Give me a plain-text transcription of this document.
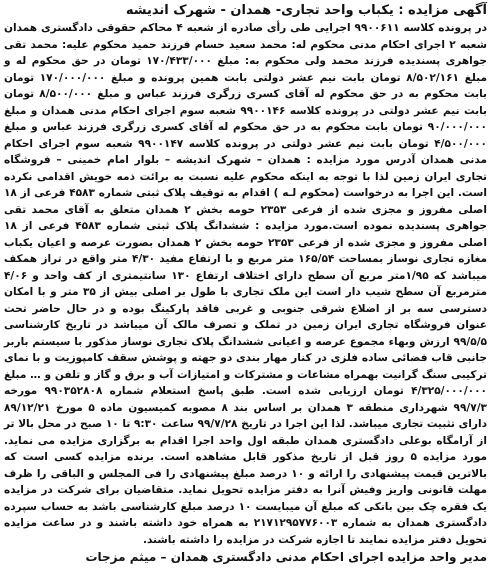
آگهی مزایده : یکباب واحد تجاری- همدان - شهرک اندیشه

در پرونده کلاسه ۹۹۰۰۶۱۱ اجرایی طی رأی صادره از شعبه ۴ محاکم حقوقی دادگستری همدان شعبه ۲ اجرای احکام مدنی محکوم له: محمد سعید حسام فرزند حمید محکوم علیه: محمد تقی جواهری پسندیده فرزند محمد ولی محکوم به: مبلغ ۱۷۰/۴۳۳/۰۰۰ تومان در حق محکوم له و مبلغ ۸/۵۰۲/۱۶۱ تومان بابت نیم عشر دولتی بابت همین پرونده و مبلغ ۱۷۰/۰۰۰/۰۰۰ تومان بابت محکوم به در حق محکوم له آقای کسری زرگری فرزند عباس و مبلغ ۸/۵۰۰/۰۰۰ تومان بابت نیم عشر دولتی در پرونده کلاسه ۹۹۰۰۱۴۶ شعبه سوم اجرای احکام مدنی همدان و مبلغ ۹۰/۰۰۰/۰۰۰ تومان بابت محکوم به در حق محکوم له آقای کسری زرگری فرزند عباس و مبلغ ۴/۵۰۰/۰۰۰ تومان بابت نیم عشر دولتی در پرونده کلاسه ۹۹۰۰۱۴۷ شعبه سوم اجرای احکام مدنی همدان آدرس مورد مزایده : همدان – شهرک اندیشه – بلوار امام خمینی – فروشگاه تجاری ایران زمین لذا با توجه به اینکه محکوم علیه نسبت به برائت ذمه خویش اقدامی نکرده است. این اجرا به درخواست (محکوم لـه ) اقدام به توقیف پلاک ثبتی شماره ۴۵۸۳ فرعی از ۱۸ اصلی مفروز و مجزی شده از فرعی ۲۳۵۳ حومه بخش ۲ همدان متعلق به آقای محمد تقی جواهری پسندیده نموده است.مورد مزایده : ششدانگ پلاک ثبتی شماره ۴۵۸۳ فرعی از ۱۸ اصلی مفروز و مجزی شده از فرعی ۲۳۵۳ حومه بخش ۲ همدان بصورت عرصه و اعیان یکباب مغازه تجاری نوساز بمساحت ۱۶۵/۵۴ متر مربع و با ارتفاع مفید ۴/۳۰ متر واقع در تراز همکف میباشد که ۱/۹۵متر مربع آن سطح دارای اختلاف ارتفاع ۱۳۰ سانتیمتری از کف واحد و ۴/۰۶ مترمربع آن سطح شیب دار است این ملک تجاری با طول بر اصلی بیش از ۳۵ متر و با امکان دسترسی سه بر از اضلاع شرقی جنوبی و غربی فاقد پارکینگ بوده و در حال حاضر تحت عنوان فروشگاه تجاری ایران زمین در تملک و تصرف مالک آن میباشد در تاریخ کارشناسی ۹۹/۵/۵ ارزش وبهاء مجموع عرصه و اعیانی ششدانگ پلاک تجاری نوساز مذکور با سیستم باربر جانبی قاب فضائی ساده فلزی در کنار مهار بندی دو جهته و پوشش سقف کامپوزیت و با نمای ترکیبی سنگ گرانیت بهمراه مشاعات و مشترکات و امتیازات آب و برق و گاز و تلفن و … مبلغ ۴/۳۲۵/۰۰۰/۰۰۰ تومان ارزیابی شده است. طبق پاسخ استعلام شماره ۹۹۰۳۵۲۸۰۸ مورخه ۹۹/۷/۳ شهرداری منطقه ۳ همدان بر اساس بند ۸ مصوبه کمیسیون ماده ۵ مورخ ۸۹/۱۲/۲۱ دارای تثبیت تجاری میباشد. لذا این اجرا در تاریخ ۹۹/۷/۲۸ ساعت ۹:۳۰ تا ۱۰ صبح در محل بالا تر از آرامگاه بوعلی دادگستری همدان طبقه اول واحد اجرا اقدام به برگزاری مزایده می نماید. مورد مزایده ۵ روز قبل از تاریخ مذکور قابل مشاهده است. برنده مزایده کسی است که بالاترین قیمت پیشنهادی را ارائه و ۱۰ درصد مبلغ پیشنهادی را فی المجلس و الباقی را ظرف مهلت قانونی واریز وفیش آنرا به دفتر مزایده تحویل نماید. متقاضیان برای شرکت در مزایده یک فقره چک بین بانکی که مبلغ آن میبایست ۱۰ درصد مبلغ کارشناسی باشد به حساب سپرده دادگستری همدان به شماره ۲۱۷۱۲۹۵۷۷۶۰۰۳ به همراه خود داشته باشند و در ساعت مزایده تحویل دفتر مزایده نمایند تا اجازه شرکت در مزایده را داشته باشند.

مدیر واحد مزایده اجرای احکام مدنی دادگستری همدان – میثم مزجات
